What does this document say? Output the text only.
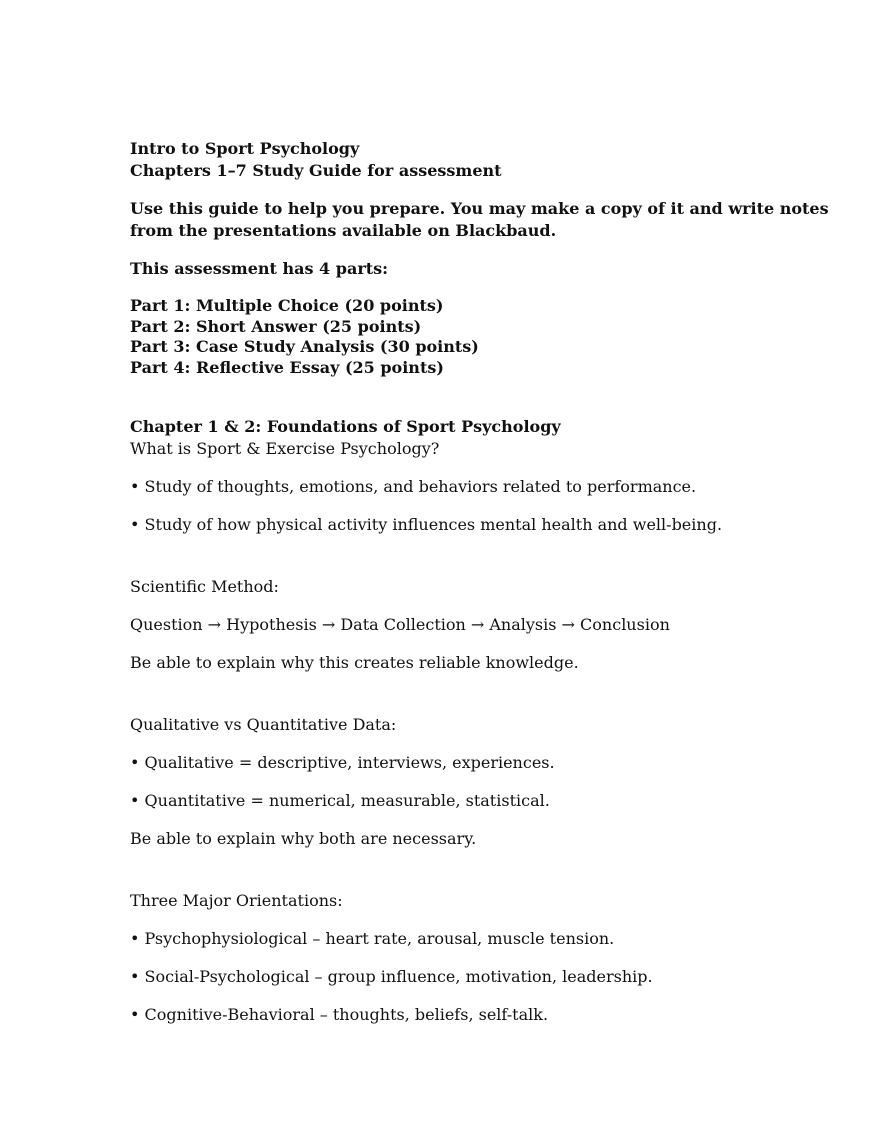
Intro to Sport Psychology
Chapters 1–7 Study Guide for assessment
Use this guide to help you prepare. You may make a copy of it and write notes
from the presentations available on Blackbaud.
This assessment has 4 parts:
Part 1: Multiple Choice (20 points)
Part 2: Short Answer (25 points)
Part 3: Case Study Analysis (30 points)
Part 4: Reflective Essay (25 points)
Chapter 1 & 2: Foundations of Sport Psychology
What is Sport & Exercise Psychology?
• Study of thoughts, emotions, and behaviors related to performance.
• Study of how physical activity influences mental health and well-being.
Scientific Method:
Question → Hypothesis → Data Collection → Analysis → Conclusion
Be able to explain why this creates reliable knowledge.
Qualitative vs Quantitative Data:
• Qualitative = descriptive, interviews, experiences.
• Quantitative = numerical, measurable, statistical.
Be able to explain why both are necessary.
Three Major Orientations:
• Psychophysiological – heart rate, arousal, muscle tension.
• Social-Psychological – group influence, motivation, leadership.
• Cognitive-Behavioral – thoughts, beliefs, self-talk.
